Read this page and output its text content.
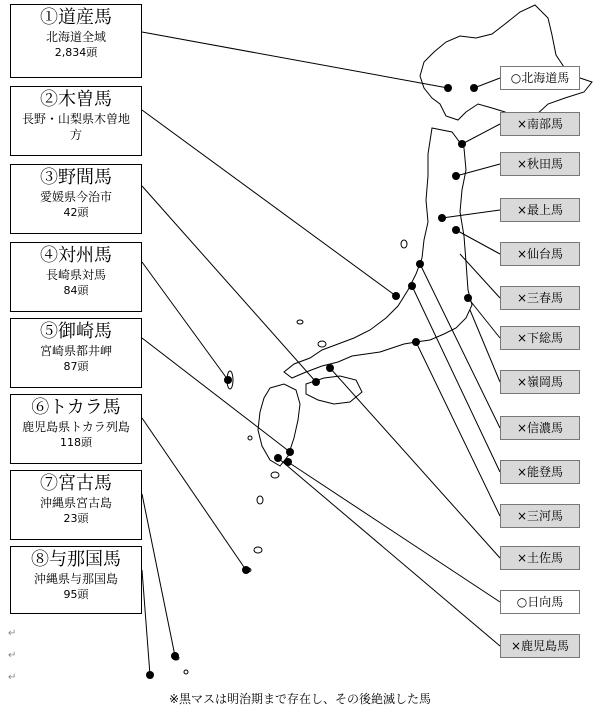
①道産馬
北海道全域
2,834頭
②木曽馬
長野・山梨県木曽地方
③野間馬
愛媛県今治市
42頭
④対州馬
長崎県対馬
84頭
⑤御崎馬
宮崎県都井岬
87頭
⑥トカラ馬
鹿児島県トカラ列島
118頭
⑦宮古馬
沖縄県宮古島
23頭
⑧与那国馬
沖縄県与那国島
95頭
↵
↵
↵
○北海道馬
×南部馬
×秋田馬
×最上馬
×仙台馬
×三春馬
×下総馬
×嶺岡馬
×信濃馬
×能登馬
×三河馬
×土佐馬
○日向馬
×鹿児島馬
※黒マスは明治期まで存在し、その後絶滅した馬
